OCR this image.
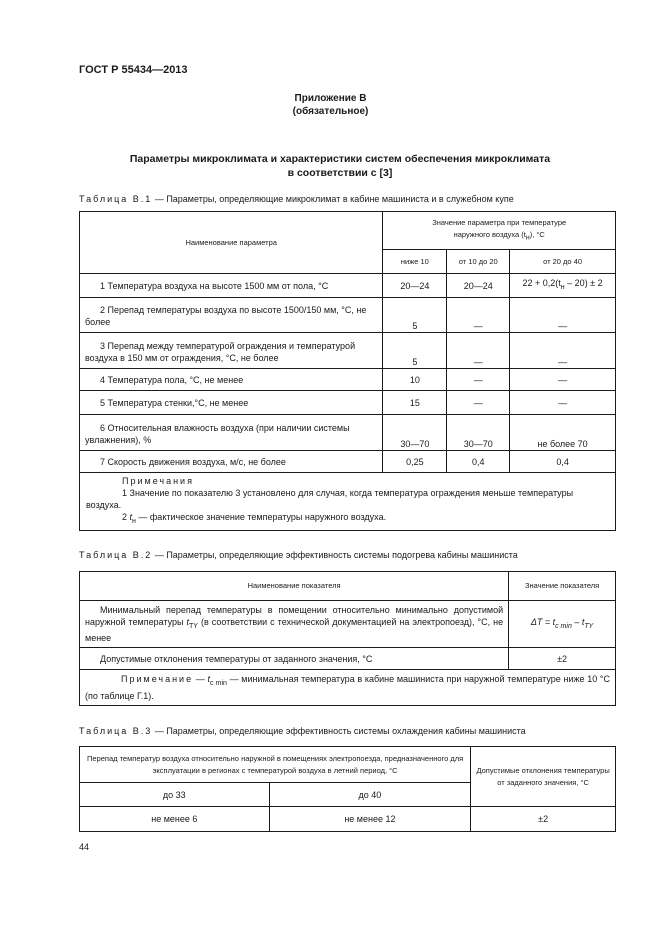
ГОСТ Р 55434—2013
Приложение В
(обязательное)
Параметры микроклимата и характеристики систем обеспечения микроклимата
в соответствии с [3]
Таблица В.1 — Параметры, определяющие микроклимат в кабине машиниста и в служебном купе
Наименование параметра	Значение параметра при температуре
наружного воздуха $(t_н)$, °С		

	ниже 10	от 10 до 20	от 20 до 40
1 Температура воздуха на высоте 1500 мм от пола, °С	20—24	20—24	$22 + 0,2(t_н - 20) \pm 2$
2 Перепад температуры воздуха по высоте 1500/150 мм, °С, не более	5	—	—
3 Перепад между температурой ограждения и температурой воздуха в 150 мм от ограждения, °С, не более	5	—	—
4 Температура пола, °С, не менее	10	—	—
5 Температура стенки,°С, не менее	15	—	—
6 Относительная влажность воздуха (при наличии системы увлажнения), %	30—70	30—70	не более 70
7 Скорость движения воздуха, м/с, не более	0,25	0,4	0,4

Примечания
1 Значение по показателю 3 установлено для случая, когда температура ограждения меньше температуры воздуха.
2 $t_н$ — фактическое значение температуры наружного воздуха.			
Таблица В.2 — Параметры, определяющие эффективность системы подогрева кабины машиниста
Наименование показателя	Значение показателя
Минимальный перепад температуры в помещении относительно минимально допустимой наружной температуры $t_{TY}$ (в соответствии с технической документацией на электропоезд), °С, не менее	$\Delta T = t_{c min} - t_{TY}$
Допустимые отклонения температуры от заданного значения, °С	±2
Примечание — $t_{c min}$ — минимальная температура в кабине машиниста при наружной температуре ниже 10 °С (по таблице Г.1).	
Таблица В.3 — Параметры, определяющие эффективность системы охлаждения кабины машиниста
Перепад температур воздуха относительно наружной в помещениях электропоезда, предназначенного для эксплуатации в регионах с температурой воздуха в летний период, °С		Допустимые отклонения температуры от заданного значения, °С
до 33	до 40	
не менее 6	не менее 12	±2
44
